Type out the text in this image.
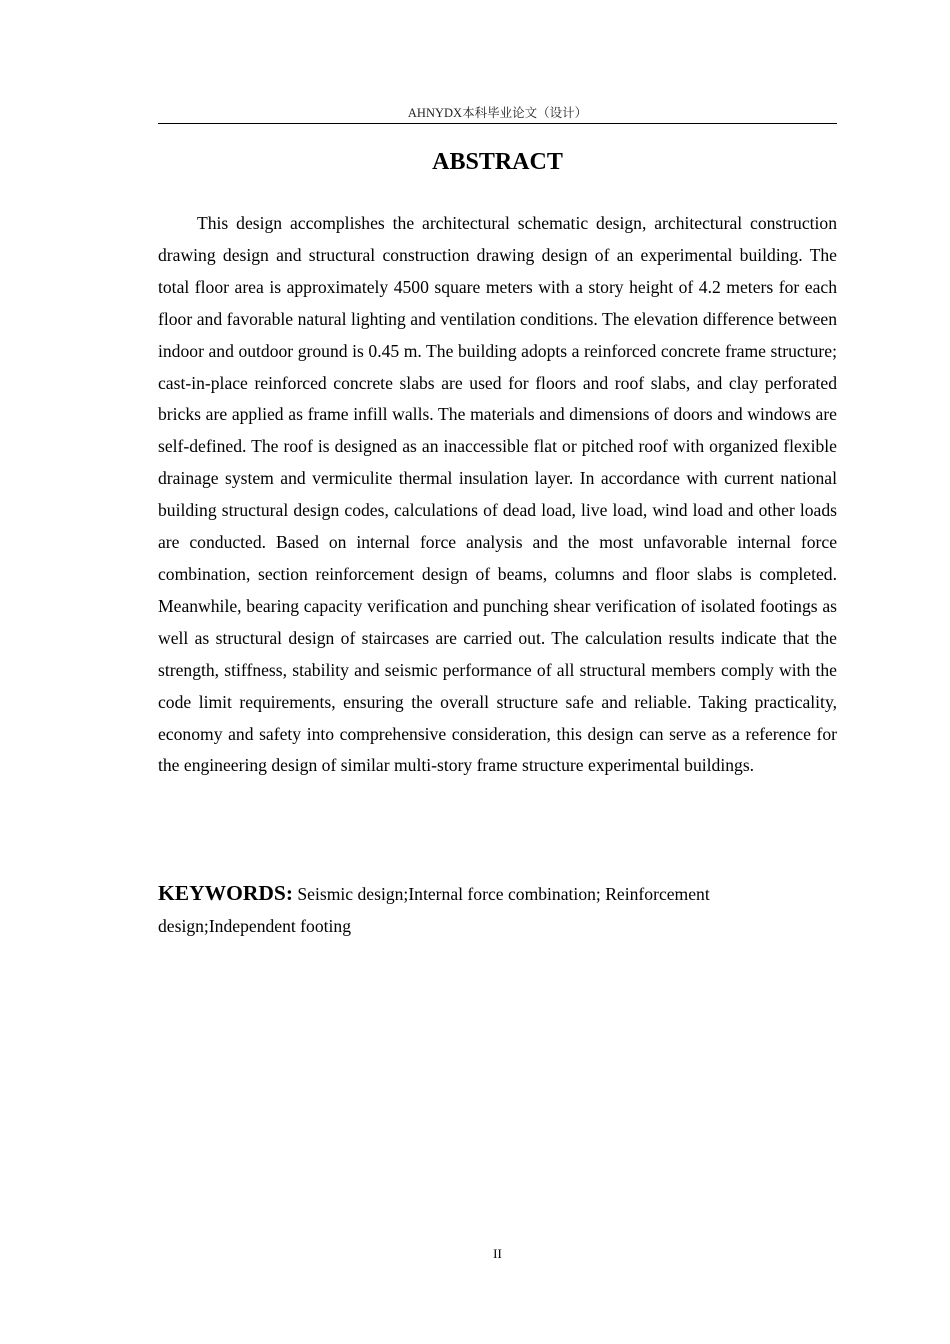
AHNYDX本科毕业论文（设计）
ABSTRACT

This design accomplishes the architectural schematic design, architectural construction drawing design and structural construction drawing design of an experimental building. The total floor area is approximately 4500 square meters with a story height of 4.2 meters for each floor and favorable natural lighting and ventilation conditions. The elevation difference between indoor and outdoor ground is 0.45 m. The building adopts a reinforced concrete frame structure; cast-in-place reinforced concrete slabs are used for floors and roof slabs, and clay perforated bricks are applied as frame infill walls. The materials and dimensions of doors and windows are self-defined. The roof is designed as an inaccessible flat or pitched roof with organized flexible drainage system and vermiculite thermal insulation layer. In accordance with current national building structural design codes, calculations of dead load, live load, wind load and other loads are conducted. Based on internal force analysis and the most unfavorable internal force combination, section reinforcement design of beams, columns and floor slabs is completed. Meanwhile, bearing capacity verification and punching shear verification of isolated footings as well as structural design of staircases are carried out. The calculation results indicate that the strength, stiffness, stability and seismic performance of all structural members comply with the code limit requirements, ensuring the overall structure safe and reliable. Taking practicality, economy and safety into comprehensive consideration, this design can serve as a reference for the engineering design of similar multi-story frame structure experimental buildings.

KEYWORDS: Seismic design;Internal force combination; Reinforcement design;Independent footing

II
